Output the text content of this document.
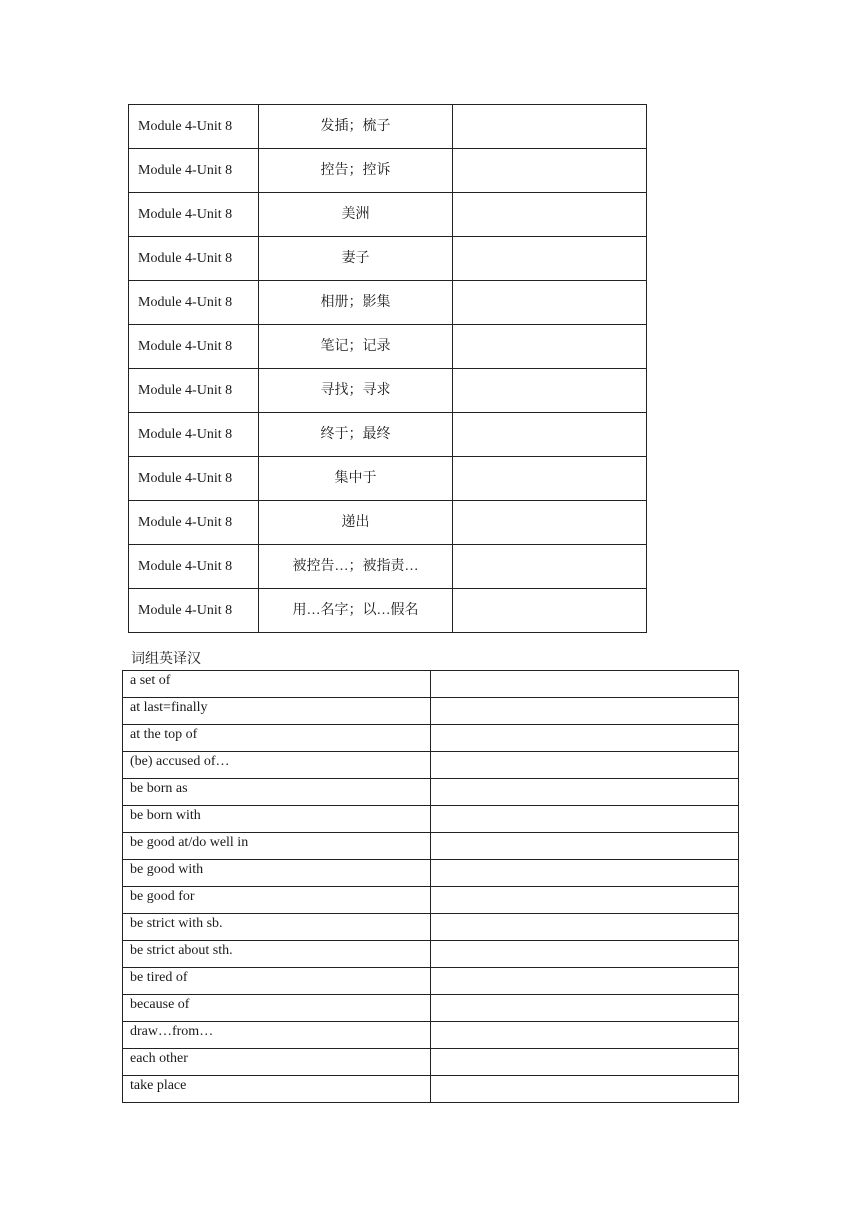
Module 4-Unit 8	发插；梳子	
Module 4-Unit 8	控告；控诉	
Module 4-Unit 8	美洲	
Module 4-Unit 8	妻子	
Module 4-Unit 8	相册；影集	
Module 4-Unit 8	笔记；记录	
Module 4-Unit 8	寻找；寻求	
Module 4-Unit 8	终于；最终	
Module 4-Unit 8	集中于	
Module 4-Unit 8	递出	
Module 4-Unit 8	被控告…；被指责…	
Module 4-Unit 8	用…名字；以…假名	
词组英译汉
a set of	
at last=finally	
at the top of	
(be) accused of…	
be born as	
be born with	
be good at/do well in	
be good with	
be good for	
be strict with sb.	
be strict about sth.	
be tired of	
because of	
draw…from…	
each other	
take place	
